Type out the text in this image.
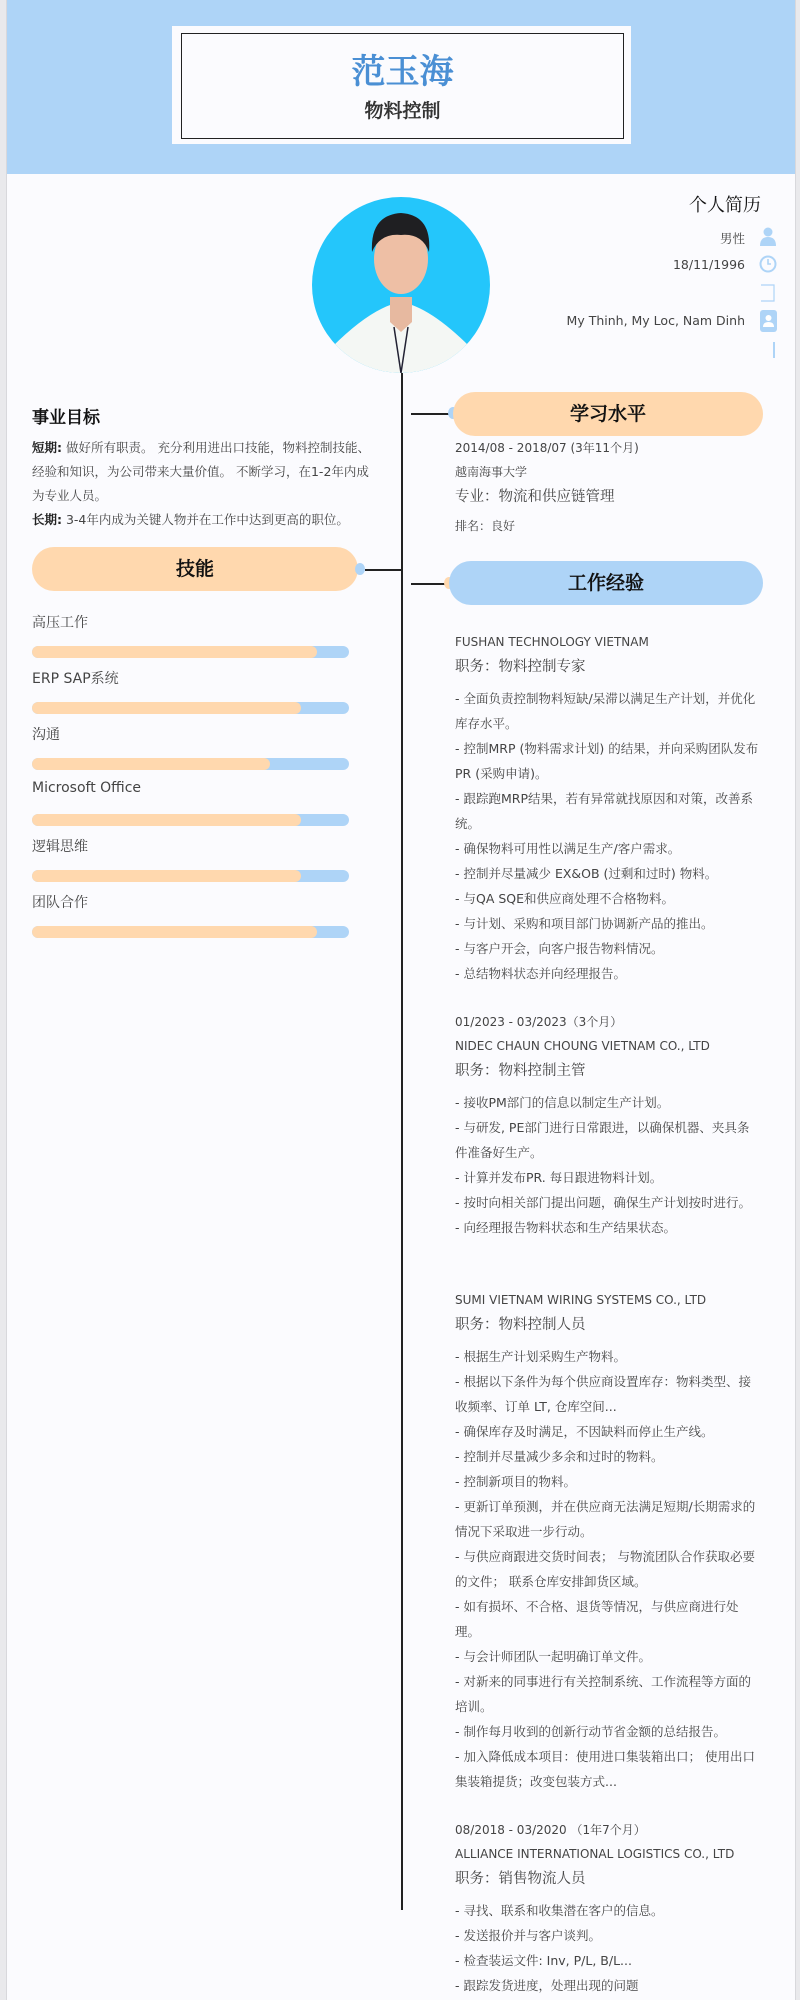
范玉海
物料控制
个人简历
男性
18/11/1996
My Thinh, My Loc, Nam Dinh
事业目标
短期: 做好所有职责。 充分利用进出口技能，物料控制技能、经验和知识，为公司带来大量价值。 不断学习，在1-2年内成为专业人员。
长期: 3-4年内成为关键人物并在工作中达到更高的职位。
技能
高压工作
ERP SAP系统
沟通
Microsoft Office
逻辑思维
团队合作
学习水平
2014/08 - 2018/07 (3年11个月)
越南海事大学
专业：物流和供应链管理
排名：良好
工作经验
FUSHAN TECHNOLOGY VIETNAM
职务：物料控制专家
- 全面负责控制物料短缺/呆滞以满足生产计划，并优化库存水平。
- 控制MRP (物料需求计划) 的结果，并向采购团队发布PR (采购申请)。
- 跟踪跑MRP结果，若有异常就找原因和对策，改善系统。
- 确保物料可用性以满足生产/客户需求。
- 控制并尽量减少 EX&OB (过剩和过时) 物料。
- 与QA SQE和供应商处理不合格物料。
- 与计划、采购和项目部门协调新产品的推出。
- 与客户开会，向客户报告物料情况。
- 总结物料状态并向经理报告。
01/2023 - 03/2023（3个月）
NIDEC CHAUN CHOUNG VIETNAM CO., LTD
职务：物料控制主管
- 接收PM部门的信息以制定生产计划。
- 与研发, PE部门进行日常跟进，以确保机器、夹具条件准备好生产。
- 计算并发布PR. 每日跟进物料计划。
- 按时向相关部门提出问题，确保生产计划按时进行。
- 向经理报告物料状态和生产结果状态。
SUMI VIETNAM WIRING SYSTEMS CO., LTD
职务：物料控制人员
- 根据生产计划采购生产物料。
- 根据以下条件为每个供应商设置库存：物料类型、接收频率、订单 LT, 仓库空间...
- 确保库存及时满足，不因缺料而停止生产线。
- 控制并尽量减少多余和过时的物料。
- 控制新项目的物料。
- 更新订单预测，并在供应商无法满足短期/长期需求的情况下采取进一步行动。
- 与供应商跟进交货时间表； 与物流团队合作获取必要的文件； 联系仓库安排卸货区域。
- 如有损坏、不合格、退货等情况，与供应商进行处理。
- 与会计师团队一起明确订单文件。
- 对新来的同事进行有关控制系统、工作流程等方面的培训。
- 制作每月收到的创新行动节省金额的总结报告。
- 加入降低成本项目：使用进口集装箱出口； 使用出口集装箱提货；改变包装方式...
08/2018 - 03/2020 （1年7个月）
ALLIANCE INTERNATIONAL LOGISTICS CO., LTD
职务：销售物流人员
- 寻找、联系和收集潜在客户的信息。
- 发送报价并与客户谈判。
- 检查装运文件: Inv, P/L, B/L...
- 跟踪发货进度，处理出现的问题
